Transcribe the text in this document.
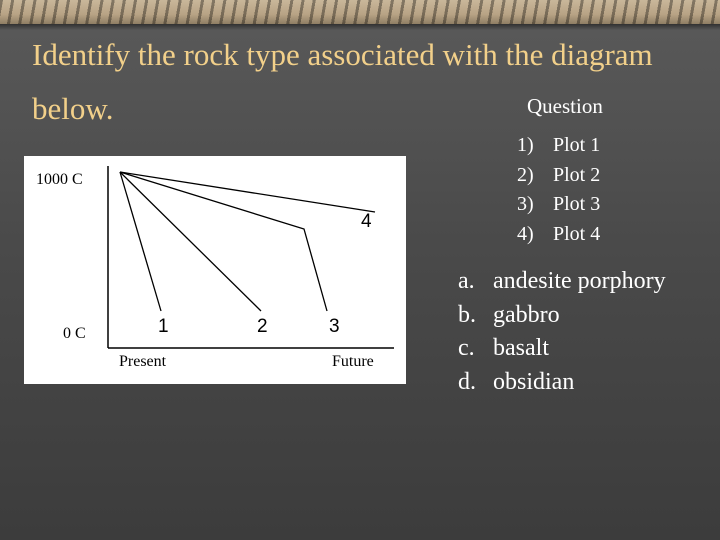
Identify the rock type associated with the diagram below.	Question
1) Plot 1
2) Plot 2
3) Plot 3
4) Plot 4
a. andesite porphory
b. gabbro
c. basalt
d. obsidian
1000 C
0 C
Present	Future
1	2	3
4
